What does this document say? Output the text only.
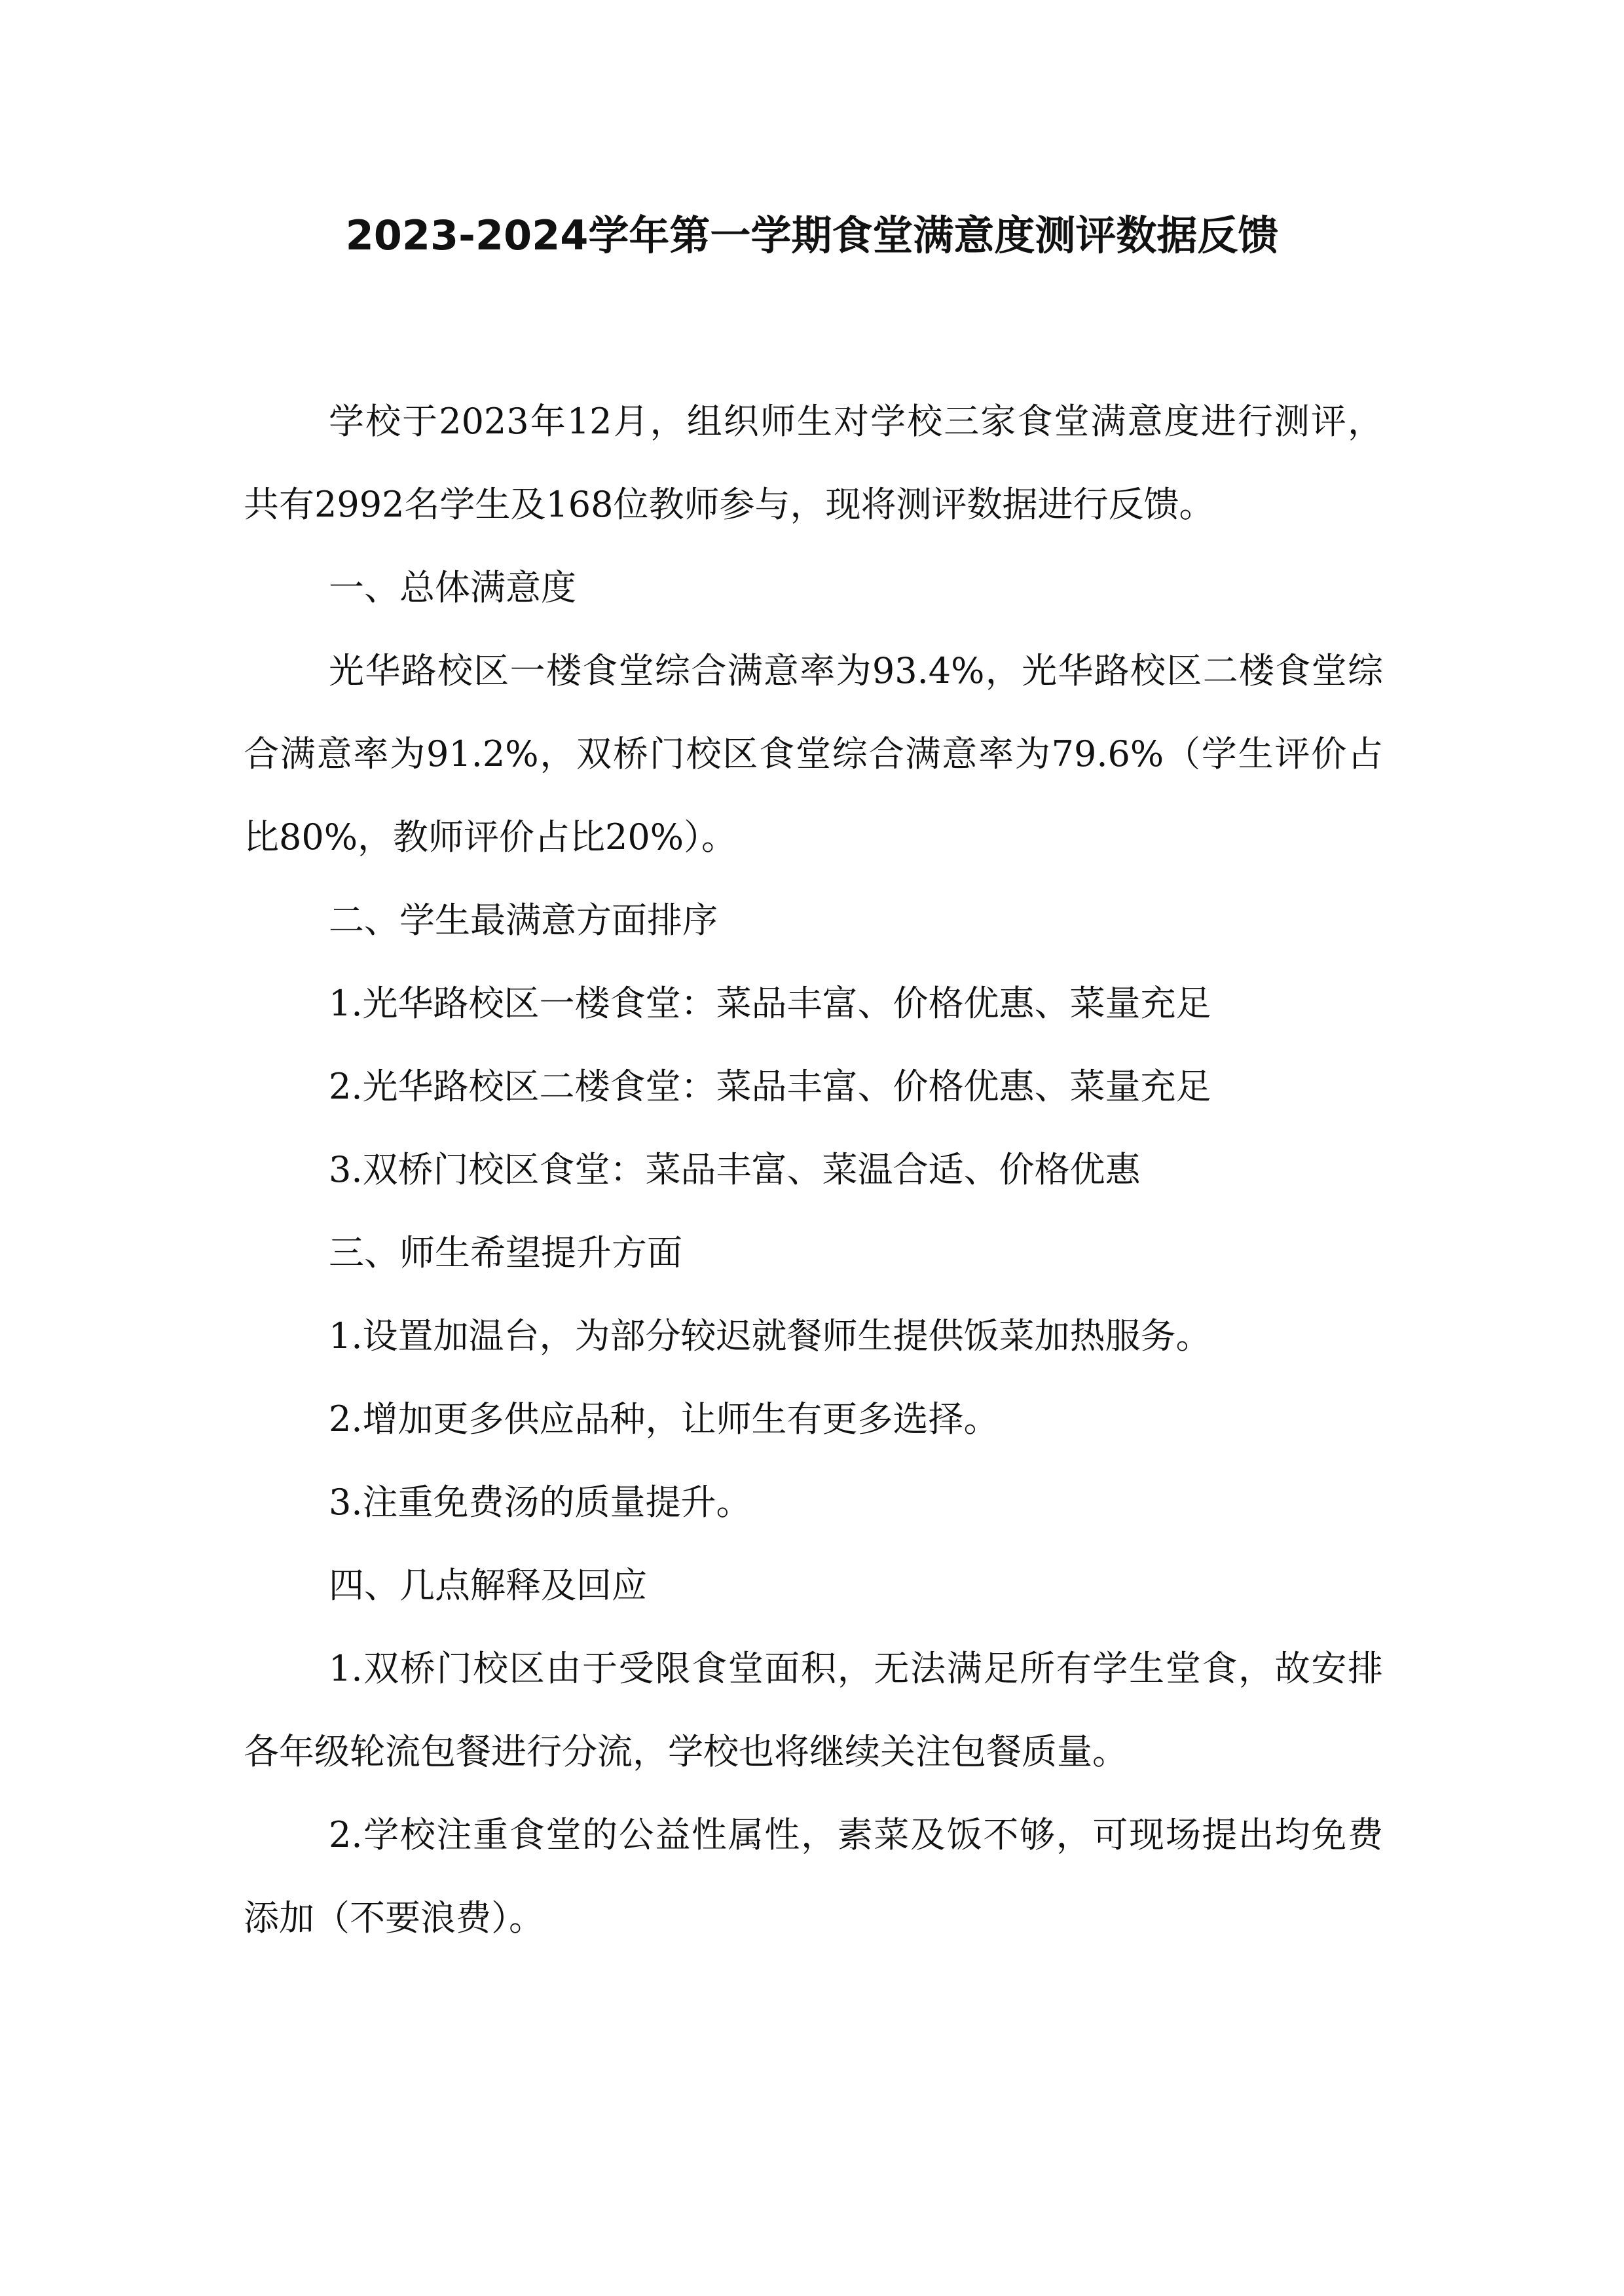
2023-2024学年第一学期食堂满意度测评数据反馈

学校于2023年12月，组织师生对学校三家食堂满意度进行测评，共有2992名学生及168位教师参与，现将测评数据进行反馈。

一、总体满意度

光华路校区一楼食堂综合满意率为93.4%，光华路校区二楼食堂综合满意率为91.2%，双桥门校区食堂综合满意率为79.6%（学生评价占比80%，教师评价占比20%）。

二、学生最满意方面排序

1.光华路校区一楼食堂：菜品丰富、价格优惠、菜量充足

2.光华路校区二楼食堂：菜品丰富、价格优惠、菜量充足

3.双桥门校区食堂：菜品丰富、菜温合适、价格优惠

三、师生希望提升方面

1.设置加温台，为部分较迟就餐师生提供饭菜加热服务。

2.增加更多供应品种，让师生有更多选择。

3.注重免费汤的质量提升。

四、几点解释及回应

1.双桥门校区由于受限食堂面积，无法满足所有学生堂食，故安排各年级轮流包餐进行分流，学校也将继续关注包餐质量。

2.学校注重食堂的公益性属性，素菜及饭不够，可现场提出均免费添加（不要浪费）。
